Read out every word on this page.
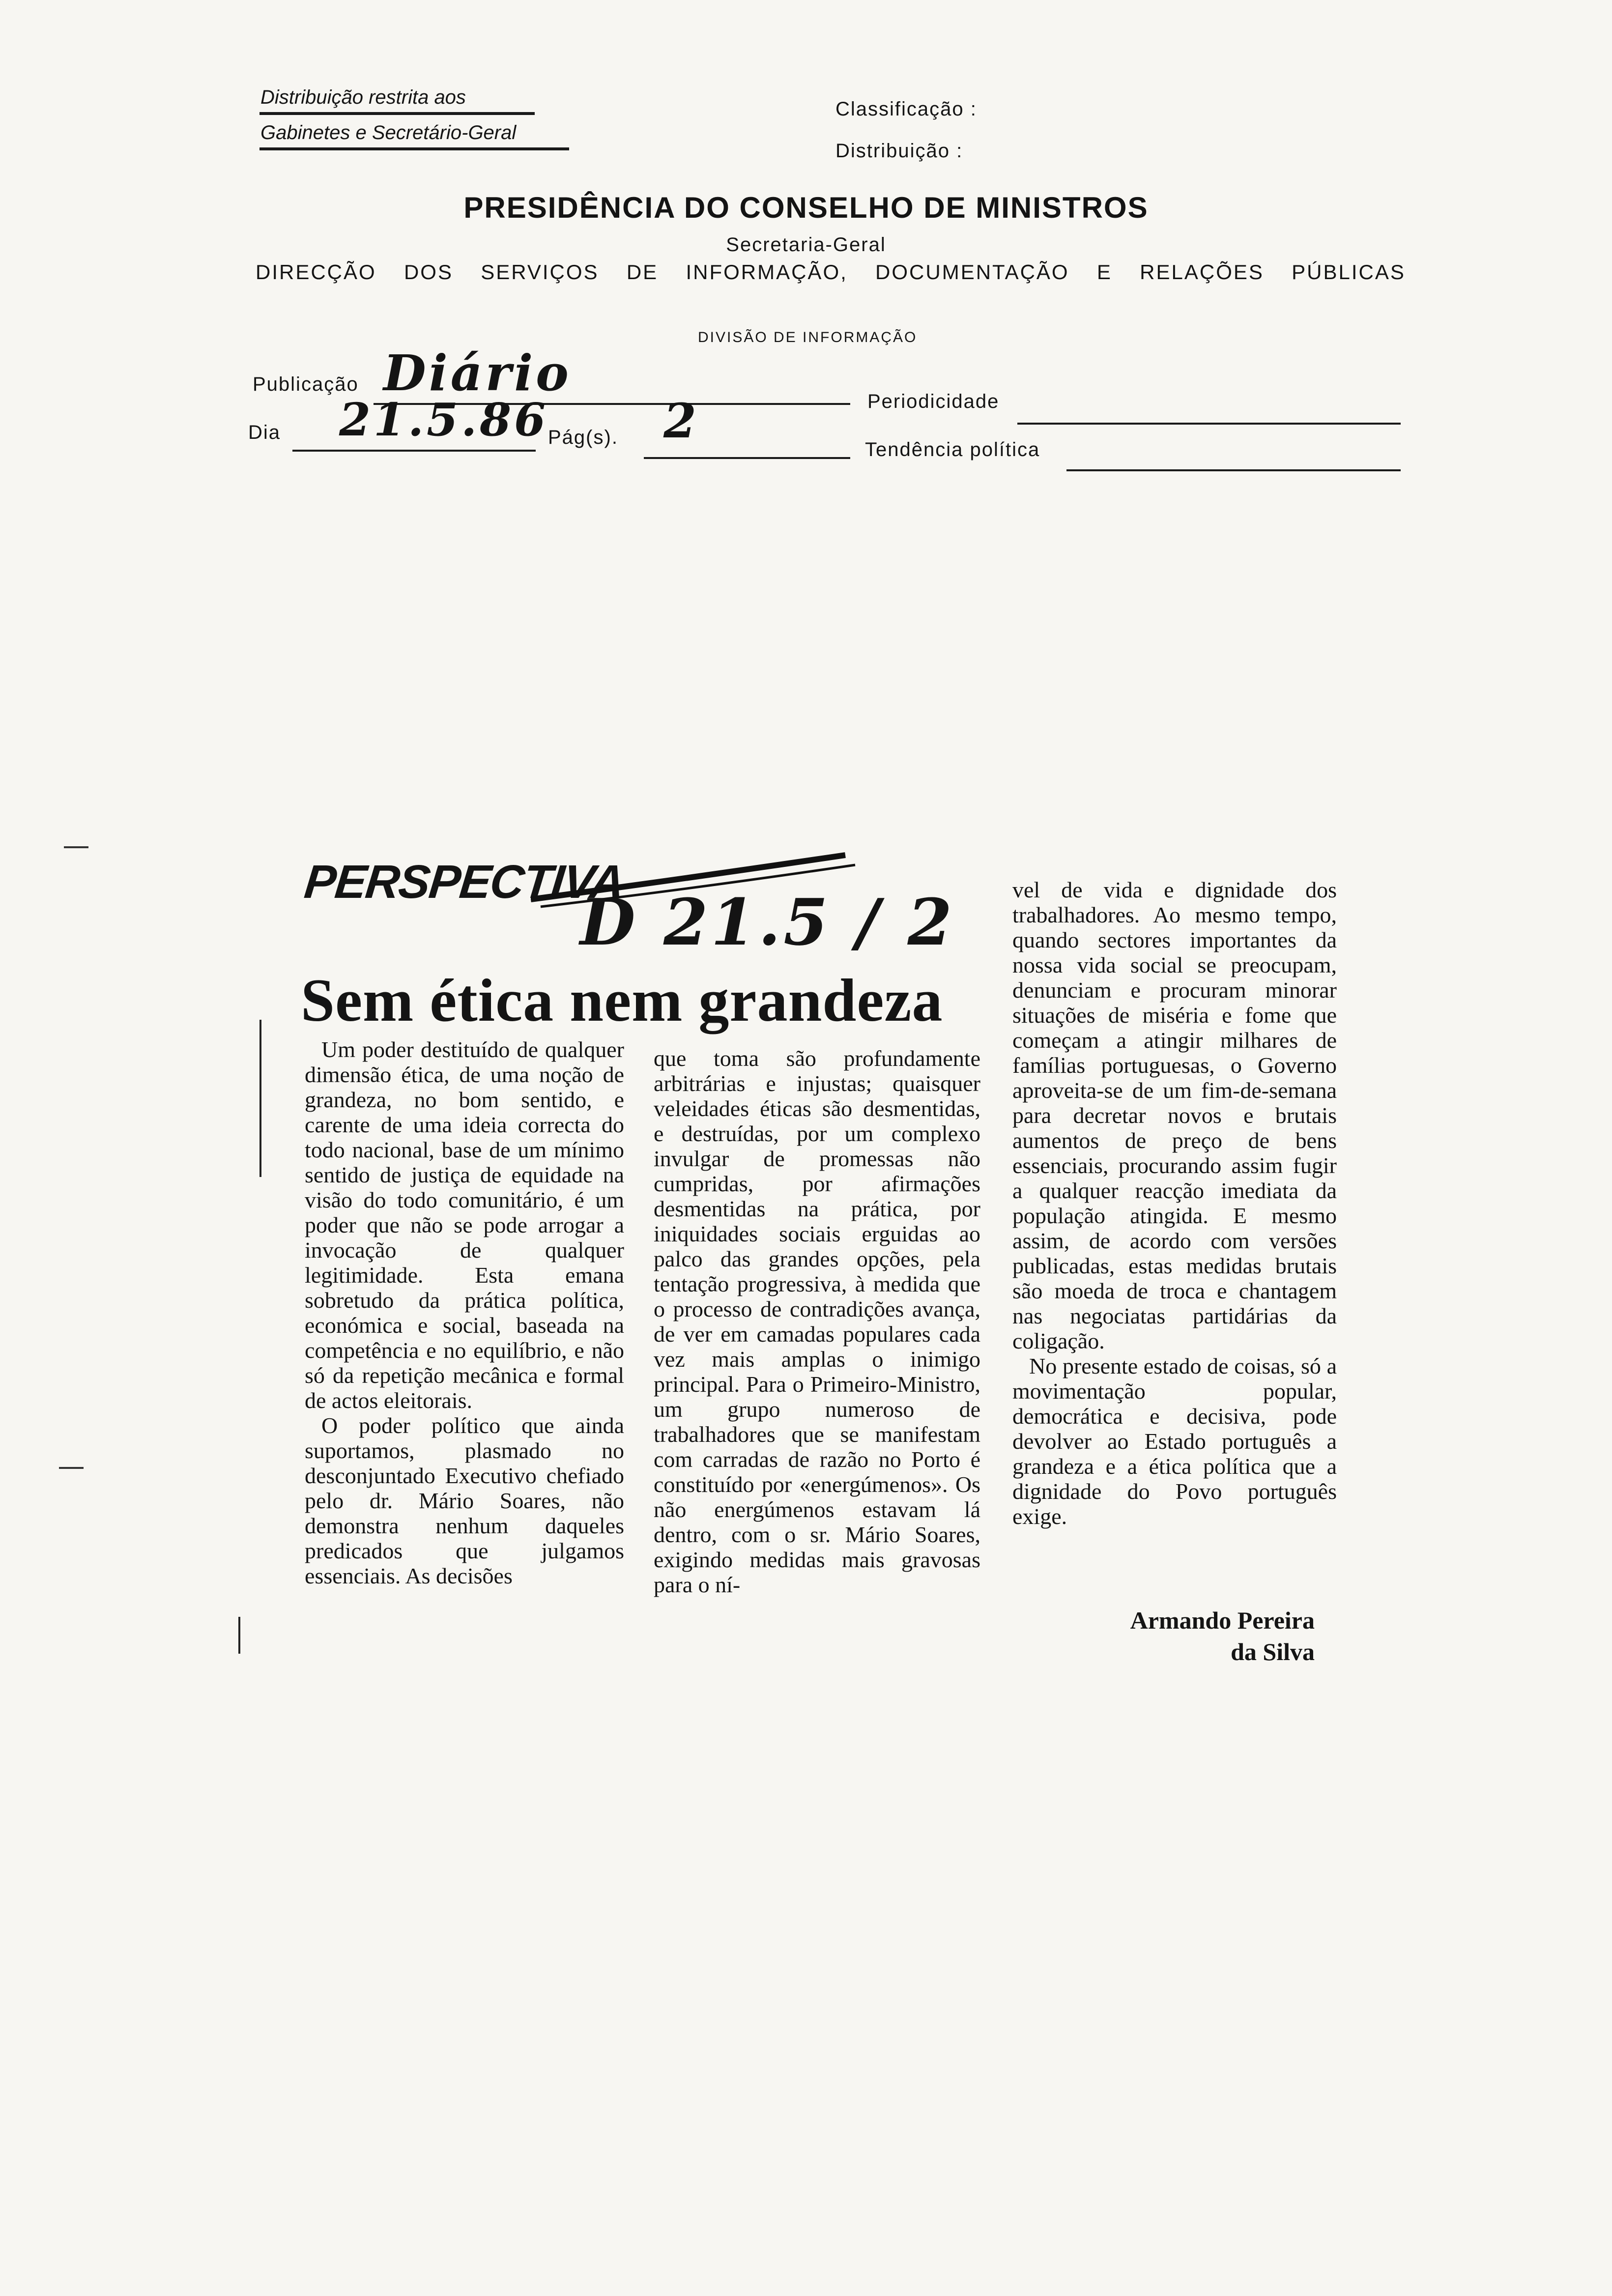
Distribuição restrita aos
Gabinetes e Secretário-Geral
Classificação :
Distribuição :
PRESIDÊNCIA DO CONSELHO DE MINISTROS
Secretaria-Geral
DIRECÇÃO DOS SERVIÇOS DE INFORMAÇÃO, DOCUMENTAÇÃO E RELAÇÕES PÚBLICAS
DIVISÃO DE INFORMAÇÃO
Publicação Diário	Periodicidade
Dia 21.5.86
Pág(s). 2
Tendência política
PERSPECTIVA
D 21.5 / 2
Sem ética nem grandeza

Um poder destituído de qualquer dimensão ética, de uma noção de grandeza, no bom sentido, e carente de uma ideia correcta do todo nacional, base de um mínimo sentido de justiça de equidade na visão do todo comunitário, é um poder que não se pode arrogar a invocação de qualquer legitimidade. Esta emana sobretudo da prática política, económica e social, baseada na competência e no equilíbrio, e não só da repetição mecânica e formal de actos eleitorais.

O poder político que ainda suportamos, plasmado no desconjuntado Executivo chefiado pelo dr. Mário Soares, não demonstra nenhum daqueles predicados que julgamos essenciais. As decisões

que toma são profundamente arbitrárias e injustas; quaisquer veleidades éticas são desmentidas, e destruídas, por um complexo invulgar de promessas não cumpridas, por afirmações desmentidas na prática, por iniquidades sociais erguidas ao palco das grandes opções, pela tentação progressiva, à medida que o processo de contradições avança, de ver em camadas populares cada vez mais amplas o inimigo principal. Para o Primeiro-Ministro, um grupo numeroso de trabalhadores que se manifestam com carradas de razão no Porto é constituído por «energúmenos». Os não energúmenos estavam lá dentro, com o sr. Mário Soares, exigindo medidas mais gravosas para o ní-

vel de vida e dignidade dos trabalhadores. Ao mesmo tempo, quando sectores importantes da nossa vida social se preocupam, denunciam e procuram minorar situações de miséria e fome que começam a atingir milhares de famílias portuguesas, o Governo aproveita-se de um fim-de-semana para decretar novos e brutais aumentos de preço de bens essenciais, procurando assim fugir a qualquer reacção imediata da população atingida. E mesmo assim, de acordo com versões publicadas, estas medidas brutais são moeda de troca e chantagem nas negociatas partidárias da coligação.

No presente estado de coisas, só a movimentação popular, democrática e decisiva, pode devolver ao Estado português a grandeza e a ética política que a dignidade do Povo português exige.

Armando Pereira
da Silva
